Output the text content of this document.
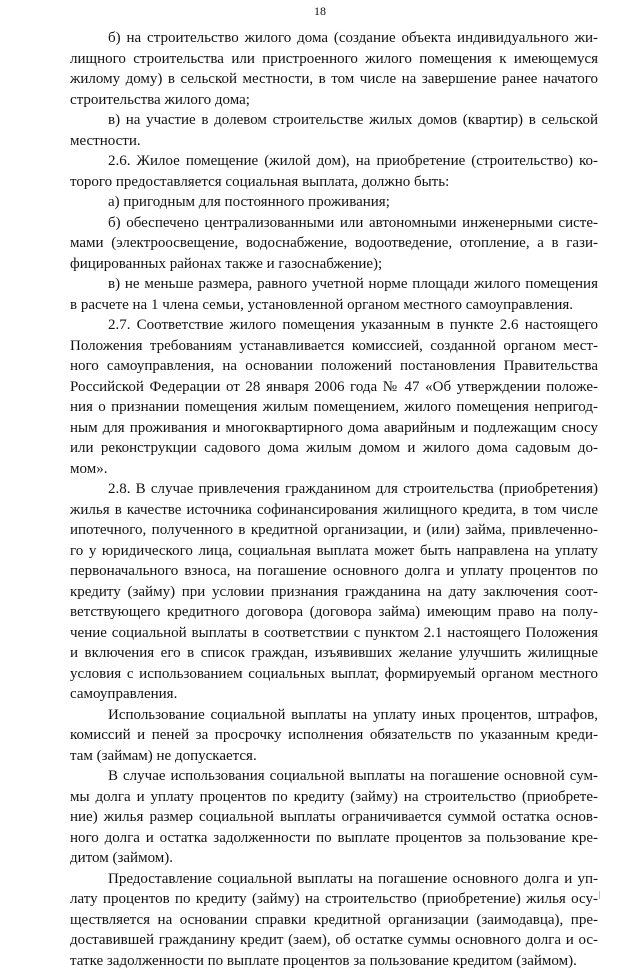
18
б) на строительство жилого дома (создание объекта индивидуального жи-
лищного строительства или пристроенного жилого помещения к имеющемуся
жилому дому) в сельской местности, в том числе на завершение ранее начатого
строительства жилого дома;
в) на участие в долевом строительстве жилых домов (квартир) в сельской
местности.
2.6. Жилое помещение (жилой дом), на приобретение (строительство) ко-
торого предоставляется социальная выплата, должно быть:
а) пригодным для постоянного проживания;
б) обеспечено централизованными или автономными инженерными систе-
мами (электроосвещение, водоснабжение, водоотведение, отопление, а в гази-
фицированных районах также и газоснабжение);
в) не меньше размера, равного учетной норме площади жилого помещения
в расчете на 1 члена семьи, установленной органом местного самоуправления.
2.7. Соответствие жилого помещения указанным в пункте 2.6 настоящего
Положения требованиям устанавливается комиссией, созданной органом мест-
ного самоуправления, на основании положений постановления Правительства
Российской Федерации от 28 января 2006 года № 47 «Об утверждении положе-
ния о признании помещения жилым помещением, жилого помещения непригод-
ным для проживания и многоквартирного дома аварийным и подлежащим сносу
или реконструкции садового дома жилым домом и жилого дома садовым до-
мом».
2.8. В случае привлечения гражданином для строительства (приобретения)
жилья в качестве источника софинансирования жилищного кредита, в том числе
ипотечного, полученного в кредитной организации, и (или) займа, привлеченно-
го у юридического лица, социальная выплата может быть направлена на уплату
первоначального взноса, на погашение основного долга и уплату процентов по
кредиту (займу) при условии признания гражданина на дату заключения соот-
ветствующего кредитного договора (договора займа) имеющим право на полу-
чение социальной выплаты в соответствии с пунктом 2.1 настоящего Положения
и включения его в список граждан, изъявивших желание улучшить жилищные
условия с использованием социальных выплат, формируемый органом местного
самоуправления.
Использование социальной выплаты на уплату иных процентов, штрафов,
комиссий и пеней за просрочку исполнения обязательств по указанным креди-
там (займам) не допускается.
В случае использования социальной выплаты на погашение основной сум-
мы долга и уплату процентов по кредиту (займу) на строительство (приобрете-
ние) жилья размер социальной выплаты ограничивается суммой остатка основ-
ного долга и остатка задолженности по выплате процентов за пользование кре-
дитом (займом).
Предоставление социальной выплаты на погашение основного долга и уп-
лату процентов по кредиту (займу) на строительство (приобретение) жилья осу-
ществляется на основании справки кредитной организации (заимодавца), пре-
доставившей гражданину кредит (заем), об остатке суммы основного долга и ос-
татке задолженности по выплате процентов за пользование кредитом (займом).
